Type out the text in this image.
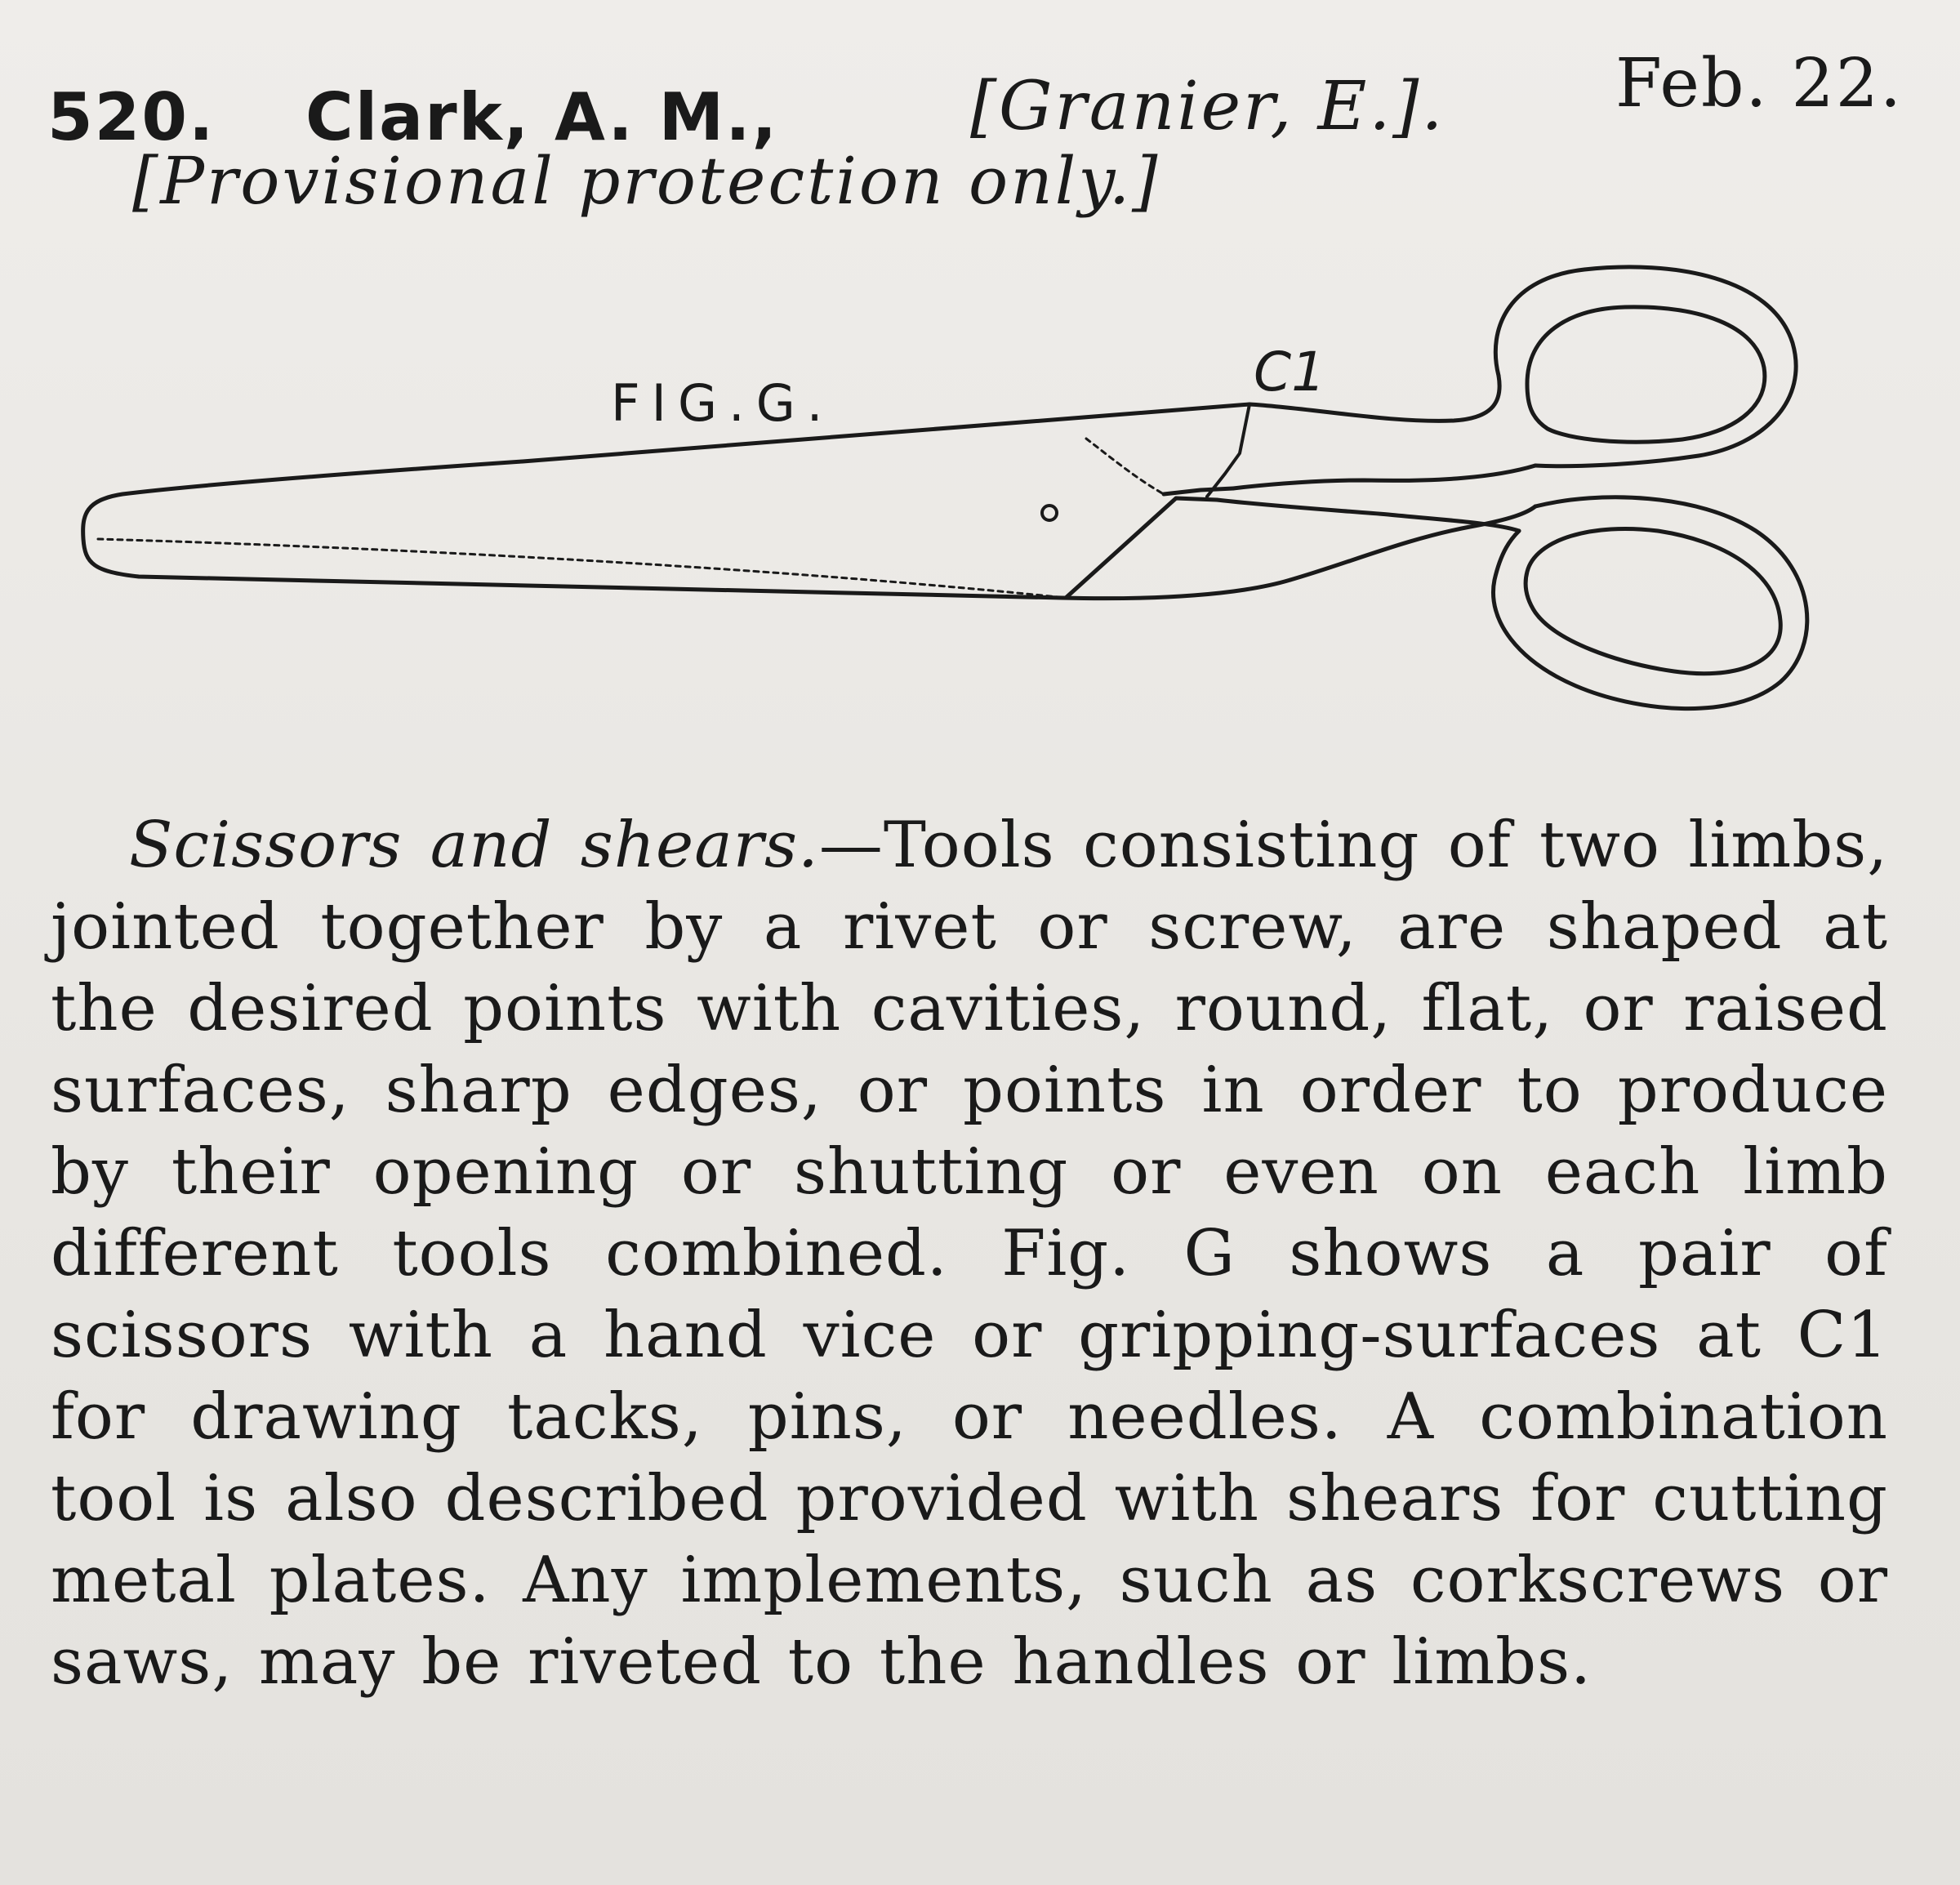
520. Clark, A. M.,	[Granier, E.].	Feb. 22.
[Provisional protection only.]
FIG.G.	C1
Scissors and shears.—Tools consisting of two limbs, jointed together by a rivet or screw, are shaped at the desired points with cavities, round, flat, or raised surfaces, sharp edges, or points in order to produce by their opening or shutting or even on each limb different tools combined. Fig. G shows a pair of scissors with a hand vice or gripping-surfaces at C1 for drawing tacks, pins, or needles. A combination tool is also described provided with shears for cutting metal plates. Any implements, such as corkscrews or saws, may be riveted to the handles or limbs.
